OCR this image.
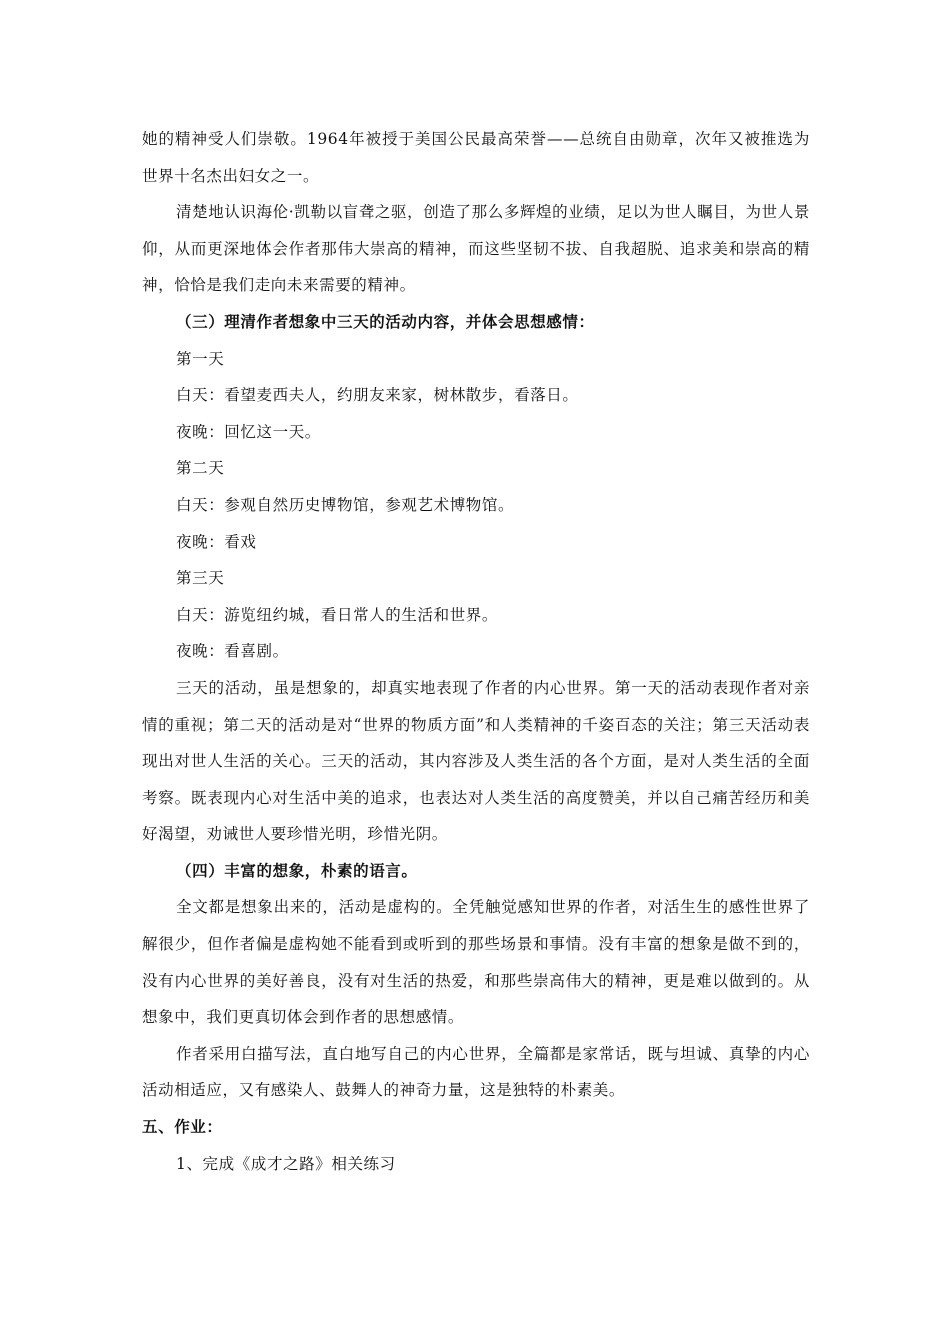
她的精神受人们崇敬。1964年被授于美国公民最高荣誉——总统自由勋章，次年又被推选为世界十名杰出妇女之一。

清楚地认识海伦·凯勒以盲聋之驱，创造了那么多辉煌的业绩，足以为世人瞩目，为世人景仰，从而更深地体会作者那伟大崇高的精神，而这些坚韧不拔、自我超脱、追求美和崇高的精神，恰恰是我们走向未来需要的精神。

（三）理清作者想象中三天的活动内容，并体会思想感情：

第一天

白天：看望麦西夫人，约朋友来家，树林散步，看落日。

夜晚：回忆这一天。

第二天

白天：参观自然历史博物馆，参观艺术博物馆。

夜晚：看戏

第三天

白天：游览纽约城，看日常人的生活和世界。

夜晚：看喜剧。

三天的活动，虽是想象的，却真实地表现了作者的内心世界。第一天的活动表现作者对亲情的重视；第二天的活动是对“世界的物质方面”和人类精神的千姿百态的关注；第三天活动表现出对世人生活的关心。三天的活动，其内容涉及人类生活的各个方面，是对人类生活的全面考察。既表现内心对生活中美的追求，也表达对人类生活的高度赞美，并以自己痛苦经历和美好渴望，劝诫世人要珍惜光明，珍惜光阴。

（四）丰富的想象，朴素的语言。

全文都是想象出来的，活动是虚构的。全凭触觉感知世界的作者，对活生生的感性世界了解很少，但作者偏是虚构她不能看到或听到的那些场景和事情。没有丰富的想象是做不到的，没有内心世界的美好善良，没有对生活的热爱，和那些崇高伟大的精神，更是难以做到的。从想象中，我们更真切体会到作者的思想感情。

作者采用白描写法，直白地写自己的内心世界，全篇都是家常话，既与坦诚、真挚的内心活动相适应，又有感染人、鼓舞人的神奇力量，这是独特的朴素美。

五、作业：

1、完成《成才之路》相关练习
